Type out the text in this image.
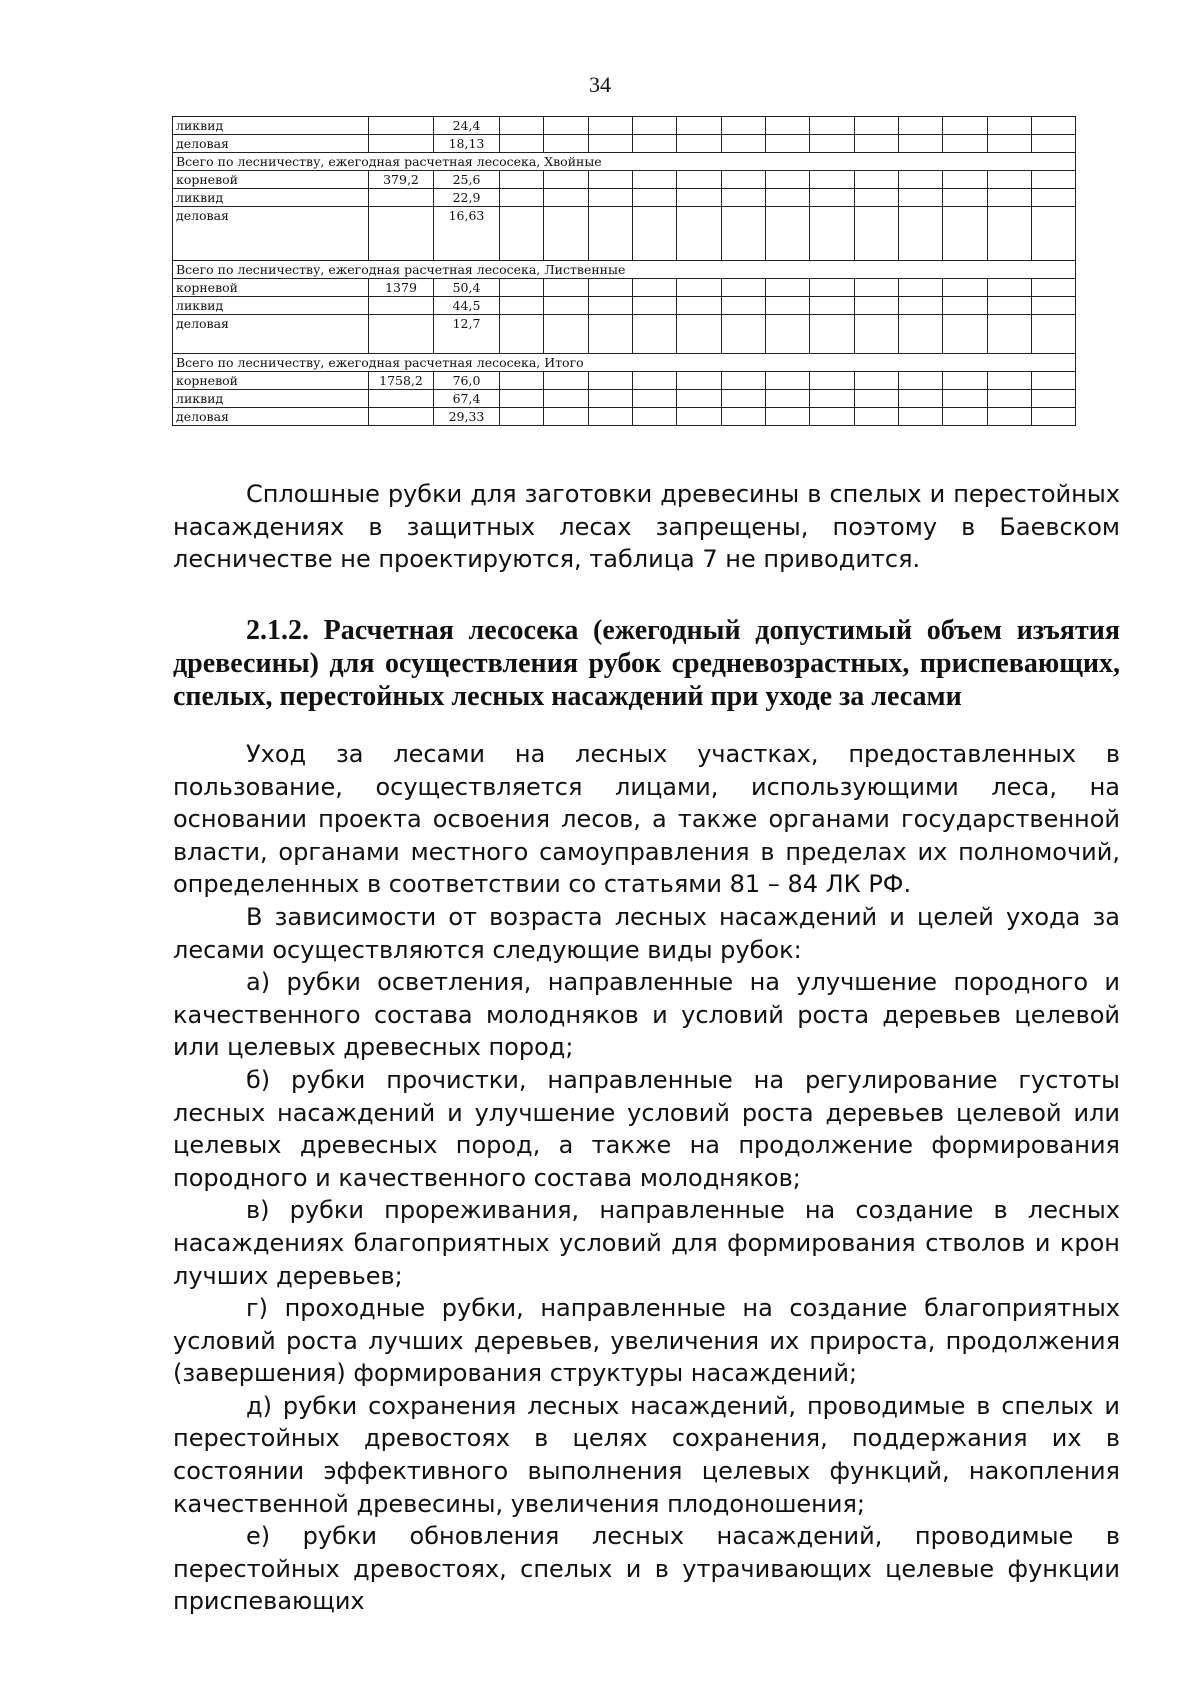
34
ликвид		24,4													
деловая		18,13													
Всего по лесничеству, ежегодная расчетная лесосека, Хвойные															
корневой	379,2	25,6													
ликвид		22,9													
деловая		16,63													
Всего по лесничеству, ежегодная расчетная лесосека, Лиственные															
корневой	1379	50,4													
ликвид		44,5													
деловая		12,7													
Всего по лесничеству, ежегодная расчетная лесосека, Итого															
корневой	1758,2	76,0													
ликвид		67,4													
деловая		29,33													

Сплошные рубки для заготовки древесины в спелых и перестойных насаждениях в защитных лесах запрещены, поэтому в Баевском лесничестве не проектируются, таблица 7 не приводится.

2.1.2. Расчетная лесосека (ежегодный допустимый объем изъятия древесины) для осуществления рубок средневозрастных, приспевающих, спелых, перестойных лесных насаждений при уходе за лесами

Уход за лесами на лесных участках, предоставленных в пользование, осуществляется лицами, использующими леса, на основании проекта освоения лесов, а также органами государственной власти, органами местного самоуправления в пределах их полномочий, определенных в соответствии со статьями 81 – 84 ЛК РФ.

В зависимости от возраста лесных насаждений и целей ухода за лесами осуществляются следующие виды рубок:

а) рубки осветления, направленные на улучшение породного и качественного состава молодняков и условий роста деревьев целевой или целевых древесных пород;

б) рубки прочистки, направленные на регулирование густоты лесных насаждений и улучшение условий роста деревьев целевой или целевых древесных пород, а также на продолжение формирования породного и качественного состава молодняков;

в) рубки прореживания, направленные на создание в лесных насаждениях благоприятных условий для формирования стволов и крон лучших деревьев;

г) проходные рубки, направленные на создание благоприятных условий роста лучших деревьев, увеличения их прироста, продолжения (завершения) формирования структуры насаждений;

д) рубки сохранения лесных насаждений, проводимые в спелых и перестойных древостоях в целях сохранения, поддержания их в состоянии эффективного выполнения целевых функций, накопления качественной древесины, увеличения плодоношения;

е) рубки обновления лесных насаждений, проводимые в перестойных древостоях, спелых и в утрачивающих целевые функции приспевающих
